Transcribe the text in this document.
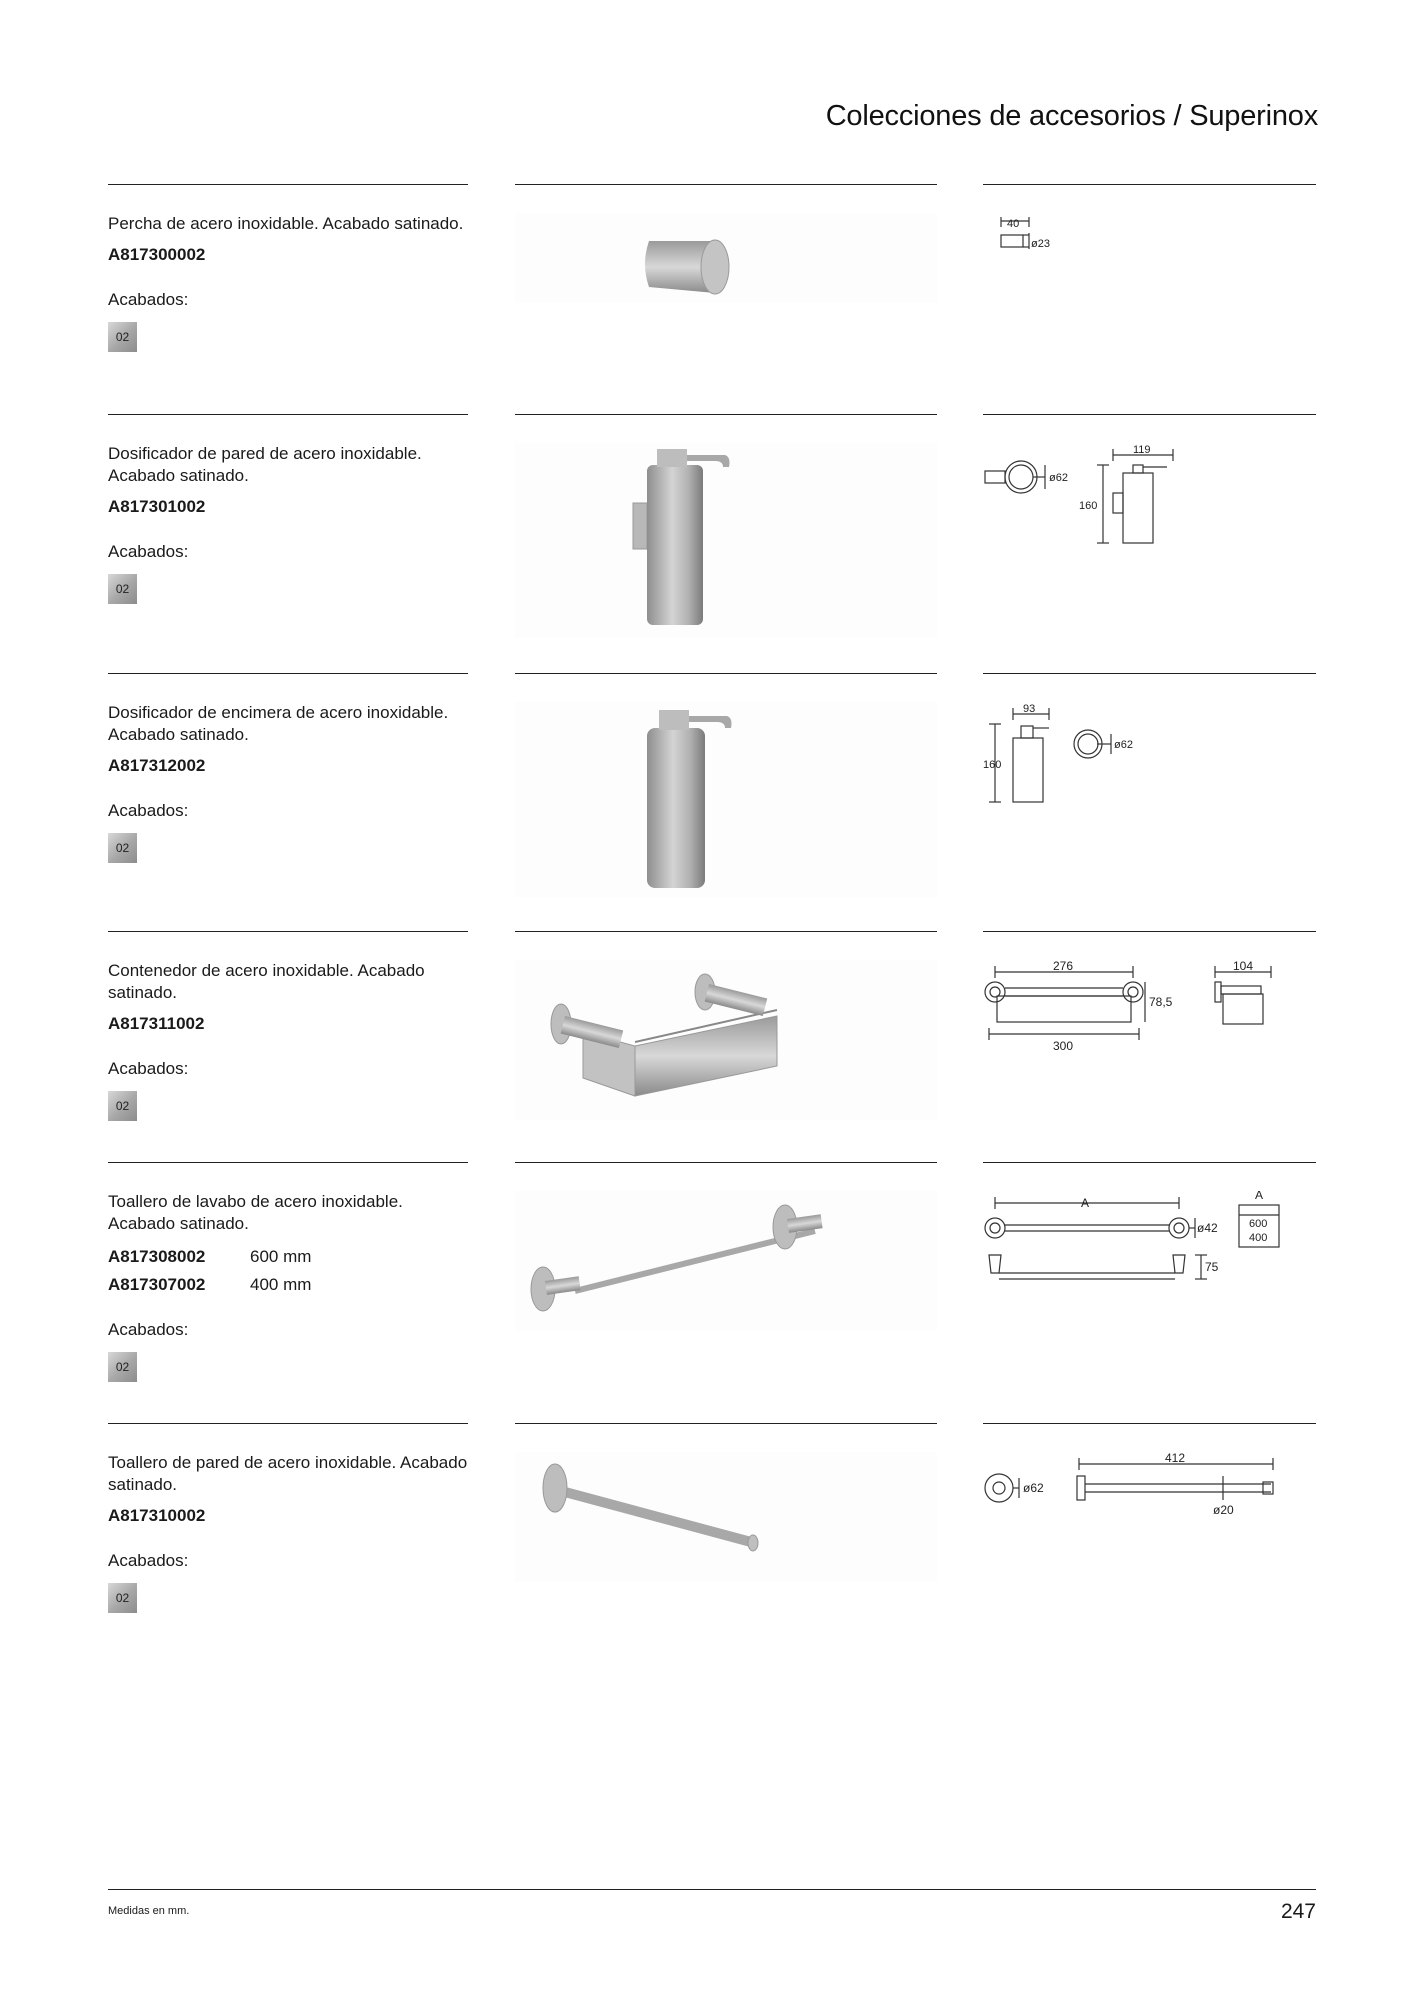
Colecciones de accesorios / Superinox
Percha de acero inoxidable. Acabado satinado.
A817300002
Acabados:
02
40
ø23
Dosificador de pared de acero inoxidable. Acabado satinado.
A817301002
Acabados:
02
ø62
119
160
Dosificador de encimera de acero inoxidable. Acabado satinado.
A817312002
Acabados:
02
93
160
ø62
Contenedor de acero inoxidable. Acabado satinado.
A817311002
Acabados:
02
276
78,5
300
104
Toallero de lavabo de acero inoxidable. Acabado satinado.
A817308002	600 mm
A817307002	400 mm
Acabados:
02
A
ø42
75
A
600
400
Toallero de pared de acero inoxidable. Acabado satinado.
A817310002
Acabados:
02
ø62
412
ø20
Medidas en mm.	247
